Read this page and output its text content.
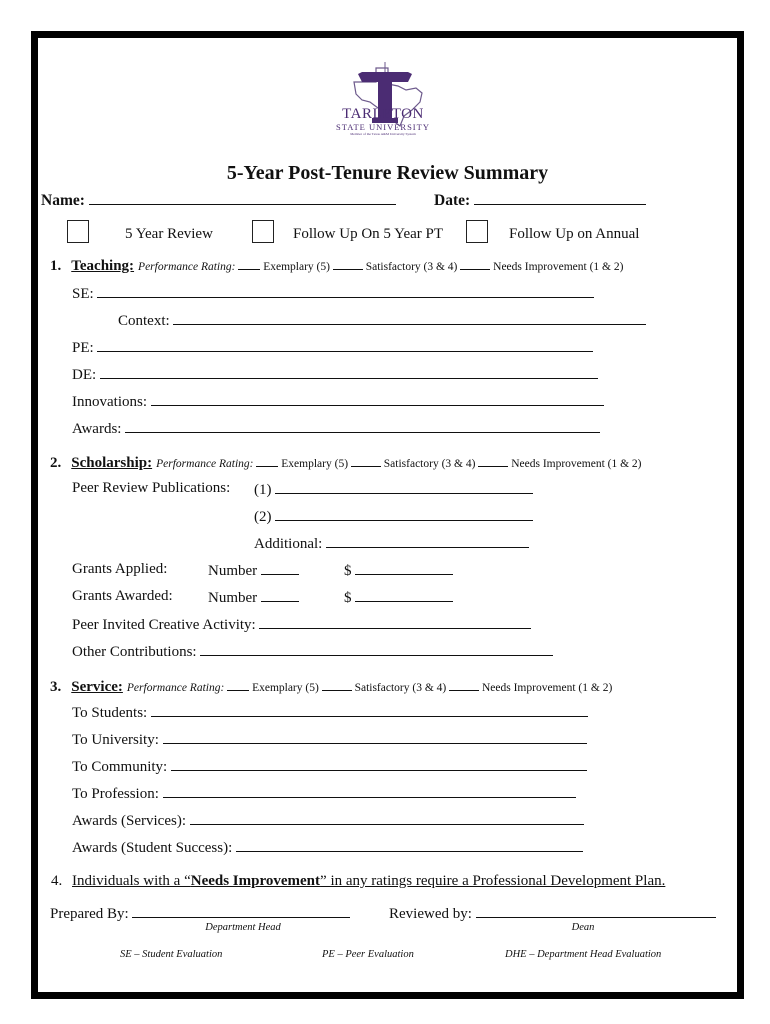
TARLETON
STATE UNIVERSITY
Member of the Texas A&M University System
5-Year Post-Tenure Review Summary
Name:	Date:
5 Year Review	Follow Up On 5 Year PT	Follow Up on Annual
1. Teaching: Performance Rating: Exemplary (5)	Satisfactory (3 & 4)	Needs Improvement (1 & 2)
SE:
Context:
PE:
DE:
Innovations:
Awards:
2. Scholarship: Performance Rating: Exemplary (5)	Satisfactory (3 & 4)	Needs Improvement (1 & 2)
Peer Review Publications: (1)
(2)
Additional:
Grants Applied:	Number	$
Grants Awarded: Number	$
Peer Invited Creative Activity:
Other Contributions:
3. Service: Performance Rating: Exemplary (5)	Satisfactory (3 & 4)	Needs Improvement (1 & 2)
To Students:
To University:
To Community:
To Profession:
Awards (Services):
Awards (Student Success):
4. Individuals with a “Needs Improvement” in any ratings require a Professional Development Plan.
Prepared By:
Department Head
Reviewed by:
Dean
SE – Student Evaluation	PE – Peer Evaluation	DHE – Department Head Evaluation
